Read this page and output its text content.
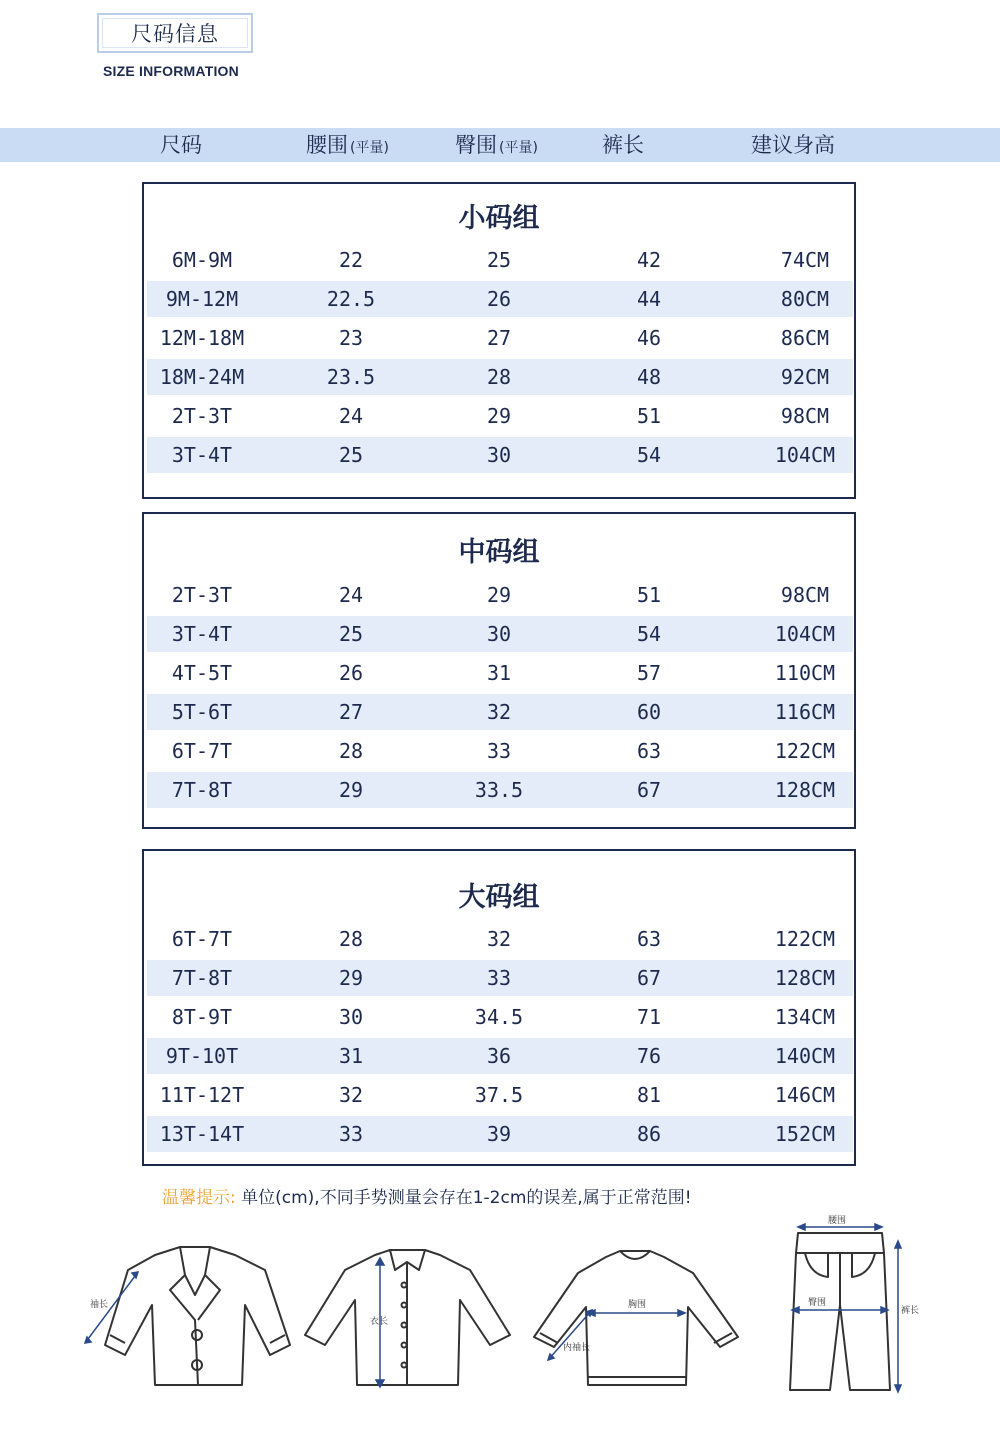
尺码信息
SIZE INFORMATION
尺码	腰围 (平量)	臀围 (平量)	裤长	建议身高
小码组
6M-9M	22	25	42	74CM
9M-12M	22.5	26	44	80CM
12M-18M	23	27	46	86CM
18M-24M	23.5	28	48	92CM
2T-3T	24	29	51	98CM
3T-4T	25	30	54	104CM
中码组
2T-3T	24	29	51	98CM
3T-4T	25	30	54	104CM
4T-5T	26	31	57	110CM
5T-6T	27	32	60	116CM
6T-7T	28	33	63	122CM
7T-8T	29	33.5	67	128CM
大码组
6T-7T	28	32	63	122CM
7T-8T	29	33	67	128CM
8T-9T	30	34.5	71	134CM
9T-10T	31	36	76	140CM
11T-12T	32	37.5	81	146CM
13T-14T	33	39	86	152CM
温馨提示: 单位(cm),不同手势测量会存在1-2cm的误差,属于正常范围!
袖长
衣长
胸围
内袖长
腰围
臀围
裤长
